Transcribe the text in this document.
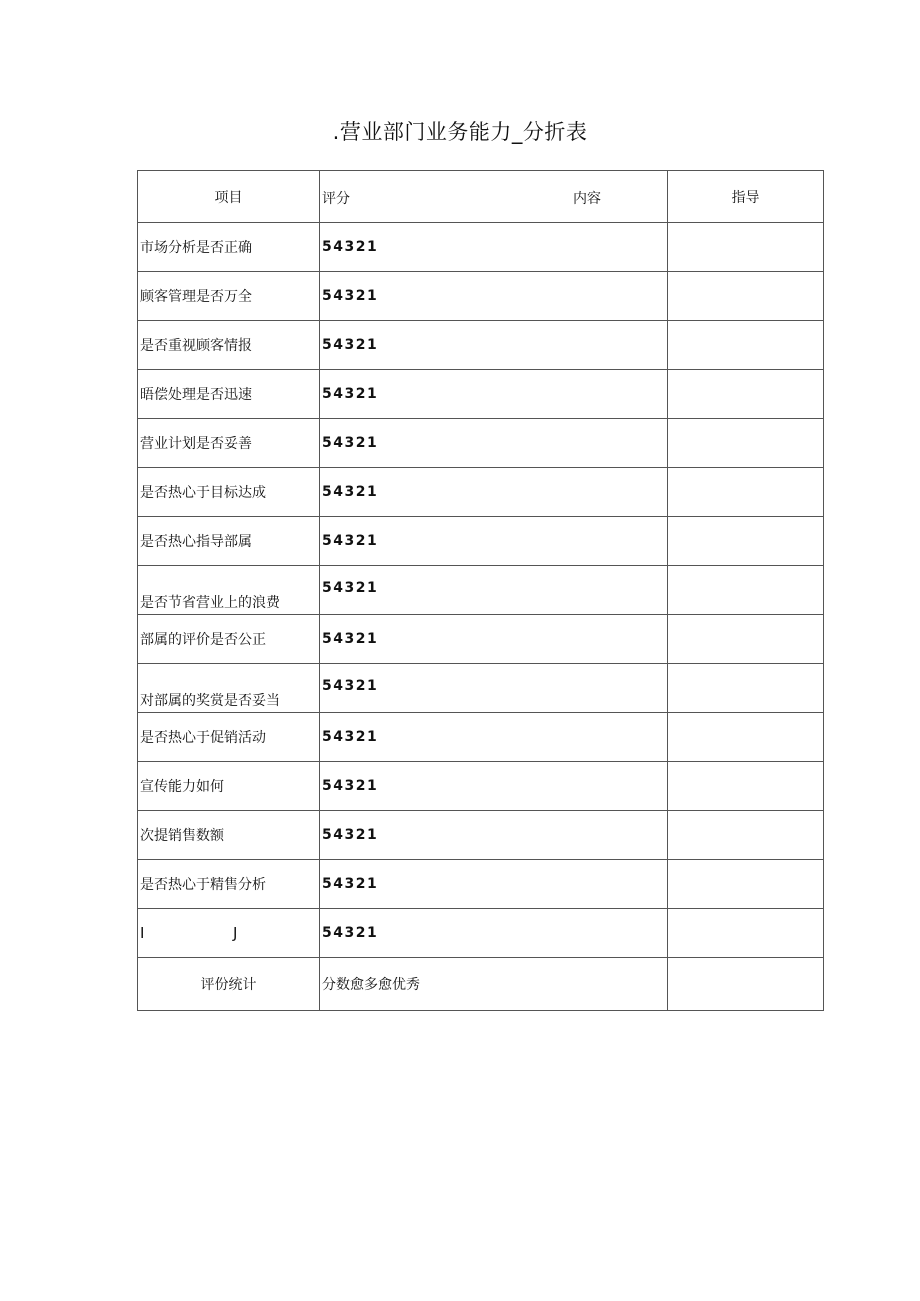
.营业部门业务能力_分折表
项目	评分 内容	指导
市场分析是否正确	54321	
顾客管理是否万全	54321	
是否重视顾客情报	54321	
晤偿处理是否迅速	54321	
营业计划是否妥善	54321	
是否热心于目标达成	54321	
是否热心指导部属	54321	
是否节省营业上的浪费	54321	
部属的评价是否公正	54321	
对部属的奖赏是否妥当	54321	
是否热心于促销活动	54321	
宣传能力如何	54321	
次提销售数额	54321	
是否热心于精售分析	54321	

I J	54321	
评份统计	分数愈多愈优秀	
